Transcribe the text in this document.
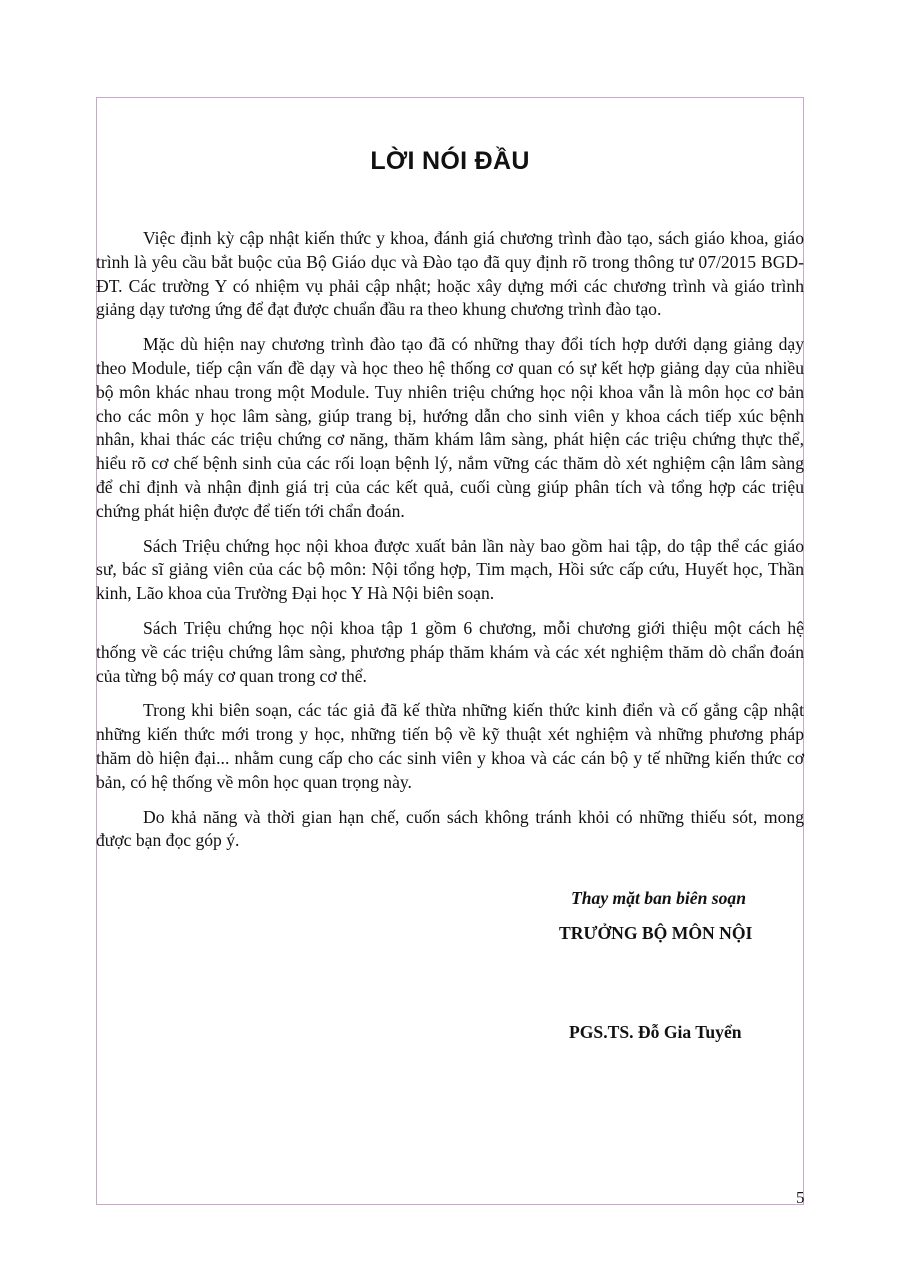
LỜI NÓI ĐẦU

Việc định kỳ cập nhật kiến thức y khoa, đánh giá chương trình đào tạo, sách giáo khoa, giáo trình là yêu cầu bắt buộc của Bộ Giáo dục và Đào tạo đã quy định rõ trong thông tư 07/2015 BGD-ĐT. Các trường Y có nhiệm vụ phải cập nhật; hoặc xây dựng mới các chương trình và giáo trình giảng dạy tương ứng để đạt được chuẩn đầu ra theo khung chương trình đào tạo.

Mặc dù hiện nay chương trình đào tạo đã có những thay đổi tích hợp dưới dạng giảng dạy theo Module, tiếp cận vấn đề dạy và học theo hệ thống cơ quan có sự kết hợp giảng dạy của nhiều bộ môn khác nhau trong một Module. Tuy nhiên triệu chứng học nội khoa vẫn là môn học cơ bản cho các môn y học lâm sàng, giúp trang bị, hướng dẫn cho sinh viên y khoa cách tiếp xúc bệnh nhân, khai thác các triệu chứng cơ năng, thăm khám lâm sàng, phát hiện các triệu chứng thực thể, hiểu rõ cơ chế bệnh sinh của các rối loạn bệnh lý, nắm vững các thăm dò xét nghiệm cận lâm sàng để chỉ định và nhận định giá trị của các kết quả, cuối cùng giúp phân tích và tổng hợp các triệu chứng phát hiện được để tiến tới chẩn đoán.

Sách Triệu chứng học nội khoa được xuất bản lần này bao gồm hai tập, do tập thể các giáo sư, bác sĩ giảng viên của các bộ môn: Nội tổng hợp, Tim mạch, Hồi sức cấp cứu, Huyết học, Thần kinh, Lão khoa của Trường Đại học Y Hà Nội biên soạn.

Sách Triệu chứng học nội khoa tập 1 gồm 6 chương, mỗi chương giới thiệu một cách hệ thống về các triệu chứng lâm sàng, phương pháp thăm khám và các xét nghiệm thăm dò chẩn đoán của từng bộ máy cơ quan trong cơ thể.

Trong khi biên soạn, các tác giả đã kế thừa những kiến thức kinh điển và cố gắng cập nhật những kiến thức mới trong y học, những tiến bộ về kỹ thuật xét nghiệm và những phương pháp thăm dò hiện đại... nhằm cung cấp cho các sinh viên y khoa và các cán bộ y tế những kiến thức cơ bản, có hệ thống về môn học quan trọng này.

Do khả năng và thời gian hạn chế, cuốn sách không tránh khỏi có những thiếu sót, mong được bạn đọc góp ý.

Thay mặt ban biên soạn

TRƯỞNG BỘ MÔN NỘI

PGS.TS. Đỗ Gia Tuyển

5
